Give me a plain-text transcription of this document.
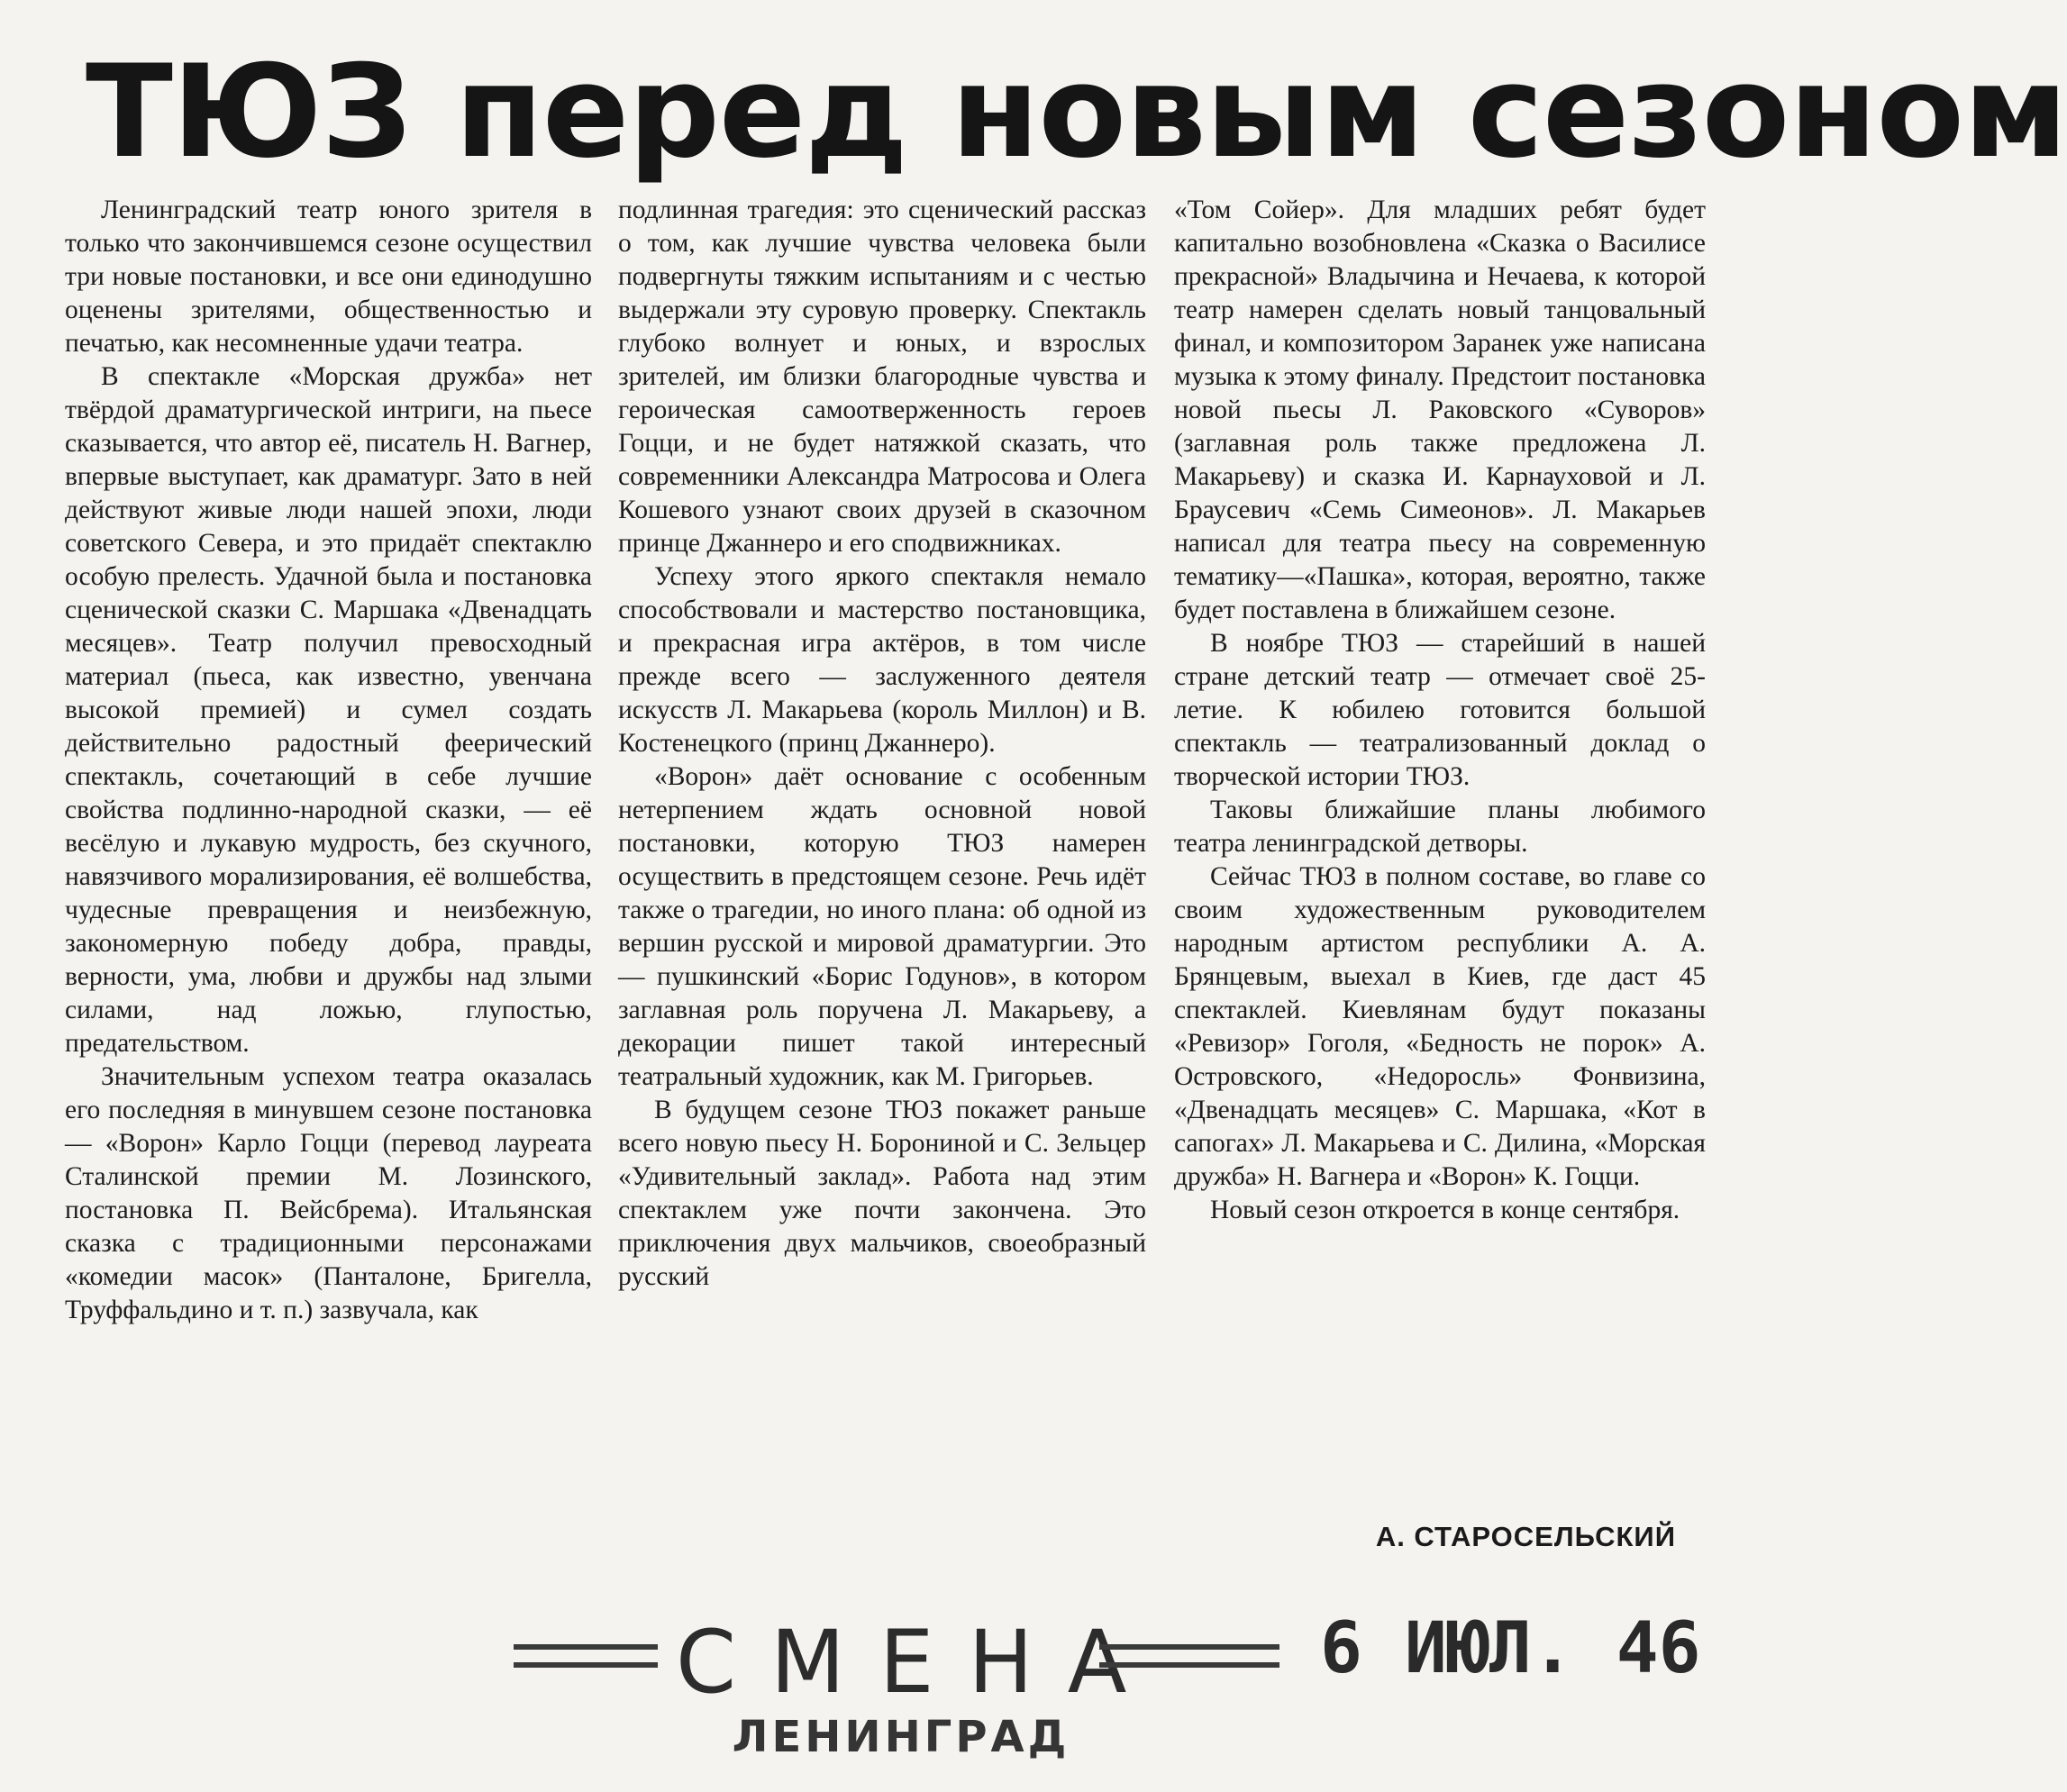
ТЮЗ перед новым сезоном

Ленинградский театр юного зрителя в только что закончившемся сезоне осуществил три новые постановки, и все они единодушно оценены зрителями, общественностью и печатью, как несомненные удачи театра.

В спектакле «Морская дружба» нет твёрдой драматургической интриги, на пьесе сказывается, что автор её, писатель Н. Вагнер, впервые выступает, как драматург. Зато в ней действуют живые люди нашей эпохи, люди советского Севера, и это придаёт спектаклю особую прелесть. Удачной была и постановка сценической сказки С. Маршака «Двенадцать месяцев». Театр получил превосходный материал (пьеса, как известно, увенчана высокой премией) и сумел создать действительно радостный феерический спектакль, сочетающий в себе лучшие свойства подлинно-народной сказки, — её весёлую и лукавую мудрость, без скучного, навязчивого морализирования, её волшебства, чудесные превращения и неизбежную, закономерную победу добра, правды, верности, ума, любви и дружбы над злыми силами, над ложью, глупостью, предательством.

Значительным успехом театра оказалась его последняя в минувшем сезоне постановка — «Ворон» Карло Гоцци (перевод лауреата Сталинской премии М. Лозинского, постановка П. Вейсбрема). Итальянская сказка с традиционными персонажами «комедии масок» (Панталоне, Бригелла, Труффальдино и т. п.) зазвучала, как

подлинная трагедия: это сценический рассказ о том, как лучшие чувства человека были подвергнуты тяжким испытаниям и с честью выдержали эту суровую проверку. Спектакль глубоко волнует и юных, и взрослых зрителей, им близки благородные чувства и героическая самоотверженность героев Гоцци, и не будет натяжкой сказать, что современники Александра Матросова и Олега Кошевого узнают своих друзей в сказочном принце Джаннеро и его сподвижниках.

Успеху этого яркого спектакля немало способствовали и мастерство постановщика, и прекрасная игра актёров, в том числе прежде всего — заслуженного деятеля искусств Л. Макарьева (король Миллон) и В. Костенецкого (принц Джаннеро).

«Ворон» даёт основание с особенным нетерпением ждать основной новой постановки, которую ТЮЗ намерен осуществить в предстоящем сезоне. Речь идёт также о трагедии, но иного плана: об одной из вершин русской и мировой драматургии. Это — пушкинский «Борис Годунов», в котором заглавная роль поручена Л. Макарьеву, а декорации пишет такой интересный театральный художник, как М. Григорьев.

В будущем сезоне ТЮЗ покажет раньше всего новую пьесу Н. Борониной и С. Зельцер «Удивительный заклад». Работа над этим спектаклем уже почти закончена. Это приключения двух мальчиков, своеобразный русский

«Том Сойер». Для младших ребят будет капитально возобновлена «Сказка о Василисе прекрасной» Владычина и Нечаева, к которой театр намерен сделать новый танцовальный финал, и композитором Заранек уже написана музыка к этому финалу. Предстоит постановка новой пьесы Л. Раковского «Суворов» (заглавная роль также предложена Л. Макарьеву) и сказка И. Карнауховой и Л. Браусевич «Семь Симеонов». Л. Макарьев написал для театра пьесу на современную тематику—«Пашка», которая, вероятно, также будет поставлена в ближайшем сезоне.

В ноябре ТЮЗ — старейший в нашей стране детский театр — отмечает своё 25-летие. К юбилею готовится большой спектакль — театрализованный доклад о творческой истории ТЮЗ.

Таковы ближайшие планы любимого театра ленинградской детворы.

Сейчас ТЮЗ в полном составе, во главе со своим художественным руководителем народным артистом республики А. А. Брянцевым, выехал в Киев, где даст 45 спектаклей. Киевлянам будут показаны «Ревизор» Гоголя, «Бедность не порок» А. Островского, «Недоросль» Фонвизина, «Двенадцать месяцев» С. Маршака, «Кот в сапогах» Л. Макарьева и С. Дилина, «Морская дружба» Н. Вагнера и «Ворон» К. Гоцци.

Новый сезон откроется в конце сентября.

А. СТАРОСЕЛЬСКИЙ
СМЕНА 6 ИЮЛ. 46
ЛЕНИНГРАД
